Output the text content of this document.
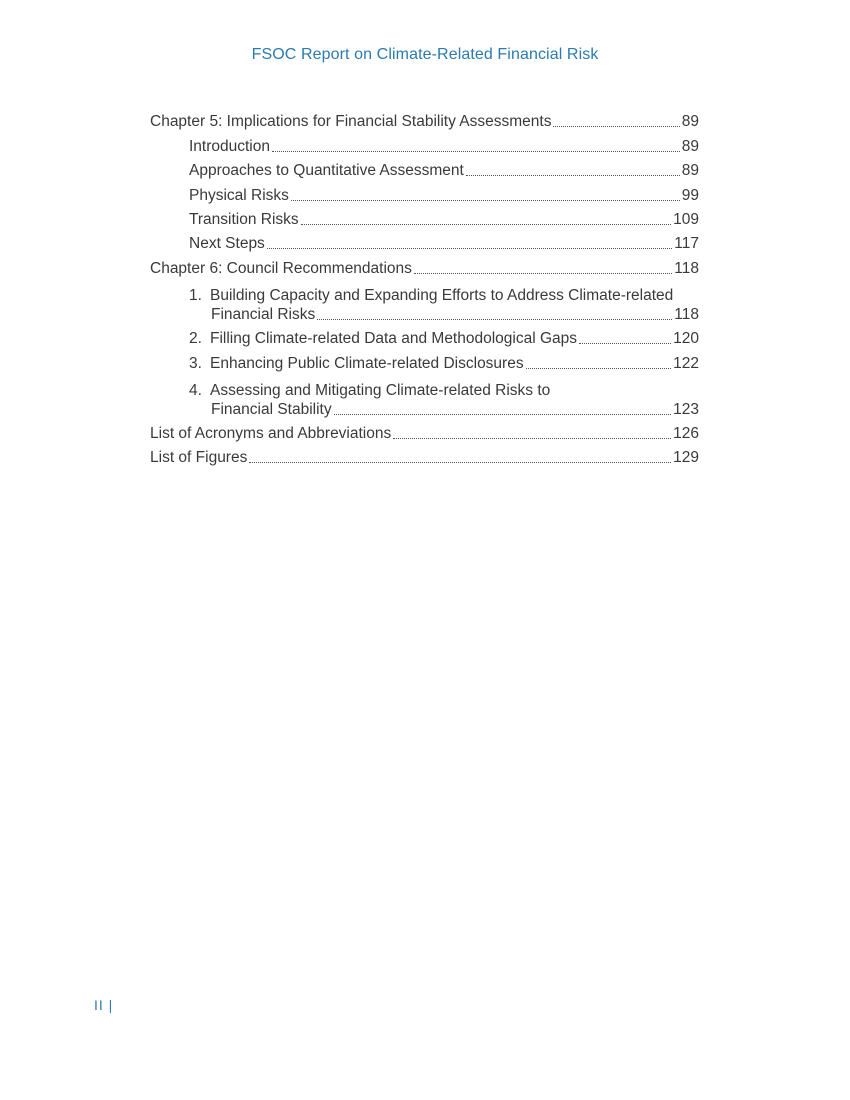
FSOC Report on Climate-Related Financial Risk
Chapter 5: Implications for Financial Stability Assessments	89
Introduction	89
Approaches to Quantitative Assessment	89
Physical Risks	99
Transition Risks	109
Next Steps	117
Chapter 6: Council Recommendations	118
1. Building Capacity and Expanding Efforts to Address Climate-related
Financial Risks	118
2. Filling Climate-related Data and Methodological Gaps	120
3. Enhancing Public Climate-related Disclosures	122
4. Assessing and Mitigating Climate-related Risks to
Financial Stability	123
List of Acronyms and Abbreviations	126
List of Figures	129
II |
